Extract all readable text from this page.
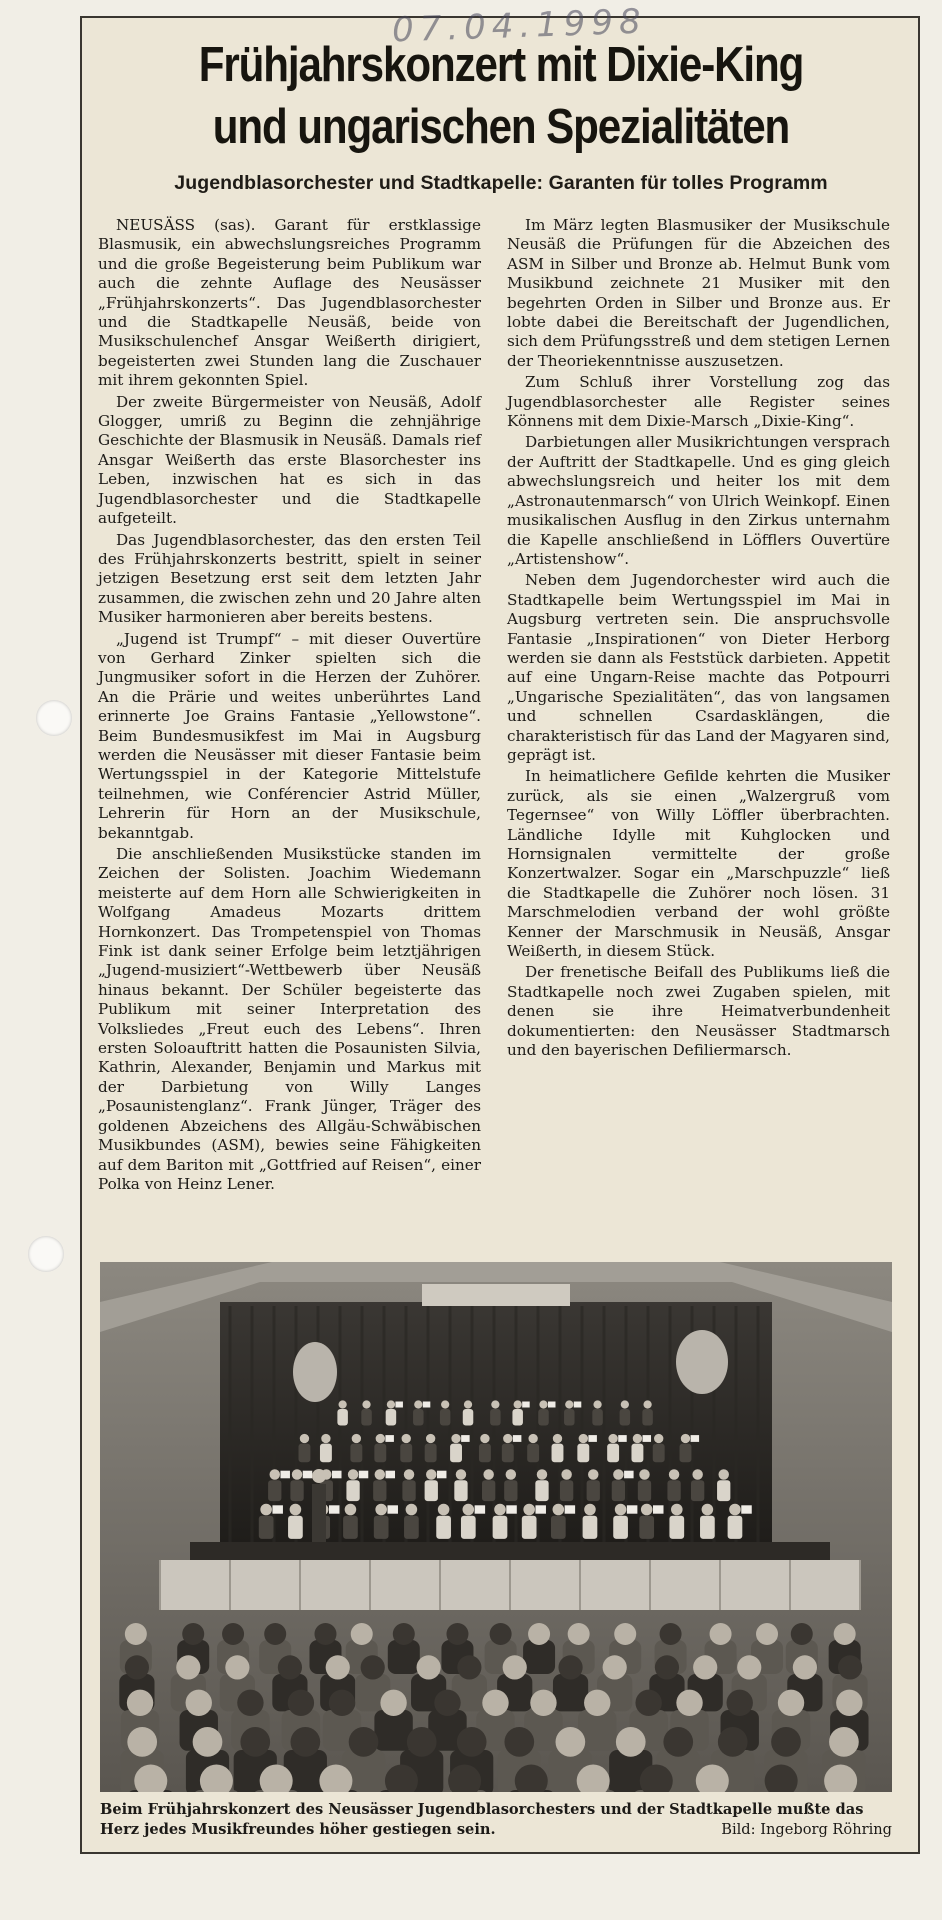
07.04.1998
Frühjahrskonzert mit Dixie-King
und ungarischen Spezialitäten
Jugendblasorchester und Stadtkapelle: Garanten für tolles Programm

NEUSÄSS (sas). Garant für erstklassige Blasmusik, ein abwechslungsreiches Programm und die große Begeisterung beim Publikum war auch die zehnte Auflage des Neusässer „Frühjahrskonzerts“. Das Jugendblasorchester und die Stadtkapelle Neusäß, beide von Musikschulenchef Ansgar Weißerth dirigiert, begeisterten zwei Stunden lang die Zuschauer mit ihrem gekonnten Spiel.

Der zweite Bürgermeister von Neusäß, Adolf Glogger, umriß zu Beginn die zehnjährige Geschichte der Blasmusik in Neusäß. Damals rief Ansgar Weißerth das erste Blasorchester ins Leben, inzwischen hat es sich in das Jugendblasorchester und die Stadtkapelle aufgeteilt.

Das Jugendblasorchester, das den ersten Teil des Frühjahrskonzerts bestritt, spielt in seiner jetzigen Besetzung erst seit dem letzten Jahr zusammen, die zwischen zehn und 20 Jahre alten Musiker harmonieren aber bereits bestens.

„Jugend ist Trumpf“ – mit dieser Ouvertüre von Gerhard Zinker spielten sich die Jungmusiker sofort in die Herzen der Zuhörer. An die Prärie und weites unberührtes Land erinnerte Joe Grains Fantasie „Yellowstone“. Beim Bundesmusikfest im Mai in Augsburg werden die Neusässer mit dieser Fantasie beim Wertungsspiel in der Kategorie Mittelstufe teilnehmen, wie Conférencier Astrid Müller, Lehrerin für Horn an der Musikschule, bekanntgab.

Die anschließenden Musikstücke standen im Zeichen der Solisten. Joachim Wiedemann meisterte auf dem Horn alle Schwierigkeiten in Wolfgang Amadeus Mozarts drittem Hornkonzert. Das Trompetenspiel von Thomas Fink ist dank seiner Erfolge beim letztjährigen „Jugend-musiziert“-Wettbewerb über Neusäß hinaus bekannt. Der Schüler begeisterte das Publikum mit seiner Interpretation des Volksliedes „Freut euch des Lebens“. Ihren ersten Soloauftritt hatten die Posaunisten Silvia, Kathrin, Alexander, Benjamin und Markus mit der Darbietung von Willy Langes „Posaunistenglanz“. Frank Jünger, Träger des goldenen Abzeichens des Allgäu-Schwäbischen Musikbundes (ASM), bewies seine Fähigkeiten auf dem Bariton mit „Gottfried auf Reisen“, einer Polka von Heinz Lener.

Im März legten Blasmusiker der Musikschule Neusäß die Prüfungen für die Abzeichen des ASM in Silber und Bronze ab. Helmut Bunk vom Musikbund zeichnete 21 Musiker mit den begehrten Orden in Silber und Bronze aus. Er lobte dabei die Bereitschaft der Jugendlichen, sich dem Prüfungsstreß und dem stetigen Lernen der Theoriekenntnisse auszusetzen.

Zum Schluß ihrer Vorstellung zog das Jugendblasorchester alle Register seines Könnens mit dem Dixie-Marsch „Dixie-King“.

Darbietungen aller Musikrichtungen versprach der Auftritt der Stadtkapelle. Und es ging gleich abwechslungsreich und heiter los mit dem „Astronautenmarsch“ von Ulrich Weinkopf. Einen musikalischen Ausflug in den Zirkus unternahm die Kapelle anschließend in Löfflers Ouvertüre „Artistenshow“.

Neben dem Jugendorchester wird auch die Stadtkapelle beim Wertungsspiel im Mai in Augsburg vertreten sein. Die anspruchsvolle Fantasie „Inspirationen“ von Dieter Herborg werden sie dann als Feststück darbieten. Appetit auf eine Ungarn-Reise machte das Potpourri „Ungarische Spezialitäten“, das von langsamen und schnellen Csardasklängen, die charakteristisch für das Land der Magyaren sind, geprägt ist.

In heimatlichere Gefilde kehrten die Musiker zurück, als sie einen „Walzergruß vom Tegernsee“ von Willy Löffler überbrachten. Ländliche Idylle mit Kuhglocken und Hornsignalen vermittelte der große Konzertwalzer. Sogar ein „Marschpuzzle“ ließ die Stadtkapelle die Zuhörer noch lösen. 31 Marschmelodien verband der wohl größte Kenner der Marschmusik in Neusäß, Ansgar Weißerth, in diesem Stück.

Der frenetische Beifall des Publikums ließ die Stadtkapelle noch zwei Zugaben spielen, mit denen sie ihre Heimatverbundenheit dokumentierten: den Neusässer Stadtmarsch und den bayerischen Defiliermarsch.

Beim Frühjahrskonzert des Neusässer Jugendblasorchesters und der Stadtkapelle mußte das Herz jedes Musikfreundes höher gestiegen sein.	Bild: Ingeborg Röhring
